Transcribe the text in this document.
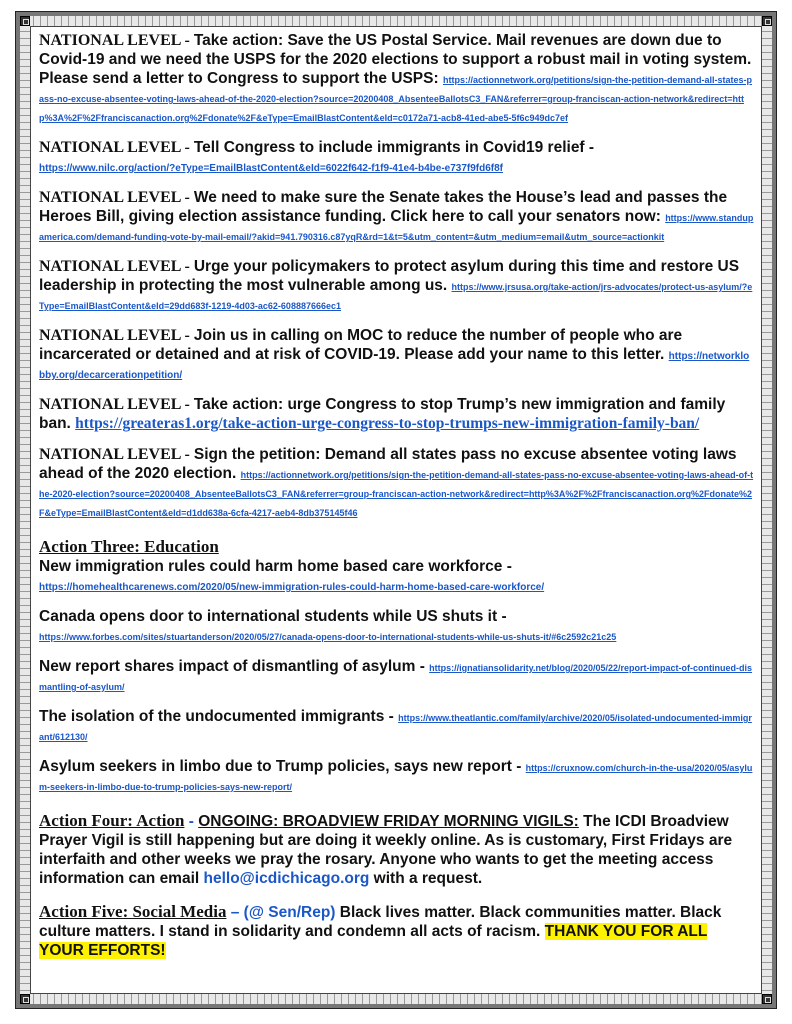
NATIONAL LEVEL - Take action: Save the US Postal Service. Mail revenues are down due to Covid-19 and we need the USPS for the 2020 elections to support a robust mail in voting system. Please send a letter to Congress to support the USPS: https://actionnetwork.org/petitions/sign-the-petition-demand-all-states-pass-no-excuse-absentee-voting-laws-ahead-of-the-2020-election?source=20200408_AbsenteeBallotsC3_FAN&referrer=group-franciscan-action-network&redirect=http%3A%2F%2Ffranciscanaction.org%2Fdonate%2F&eType=EmailBlastContent&eId=c0172a71-acb8-41ed-abe5-5f6c949dc7ef

NATIONAL LEVEL - Tell Congress to include immigrants in Covid19 relief -
https://www.nilc.org/action/?eType=EmailBlastContent&eId=6022f642-f1f9-41e4-b4be-e737f9fd6f8f

NATIONAL LEVEL - We need to make sure the Senate takes the House’s lead and passes the Heroes Bill, giving election assistance funding. Click here to call your senators now: https://www.standupamerica.com/demand-funding-vote-by-mail-email/?akid=941.790316.c87yqR&rd=1&t=5&utm_content=&utm_medium=email&utm_source=actionkit

NATIONAL LEVEL - Urge your policymakers to protect asylum during this time and restore US leadership in protecting the most vulnerable among us. https://www.jrsusa.org/take-action/jrs-advocates/protect-us-asylum/?eType=EmailBlastContent&eId=29dd683f-1219-4d03-ac62-608887666ec1

NATIONAL LEVEL - Join us in calling on MOC to reduce the number of people who are incarcerated or detained and at risk of COVID-19. Please add your name to this letter. https://networklobby.org/decarcerationpetition/

NATIONAL LEVEL - Take action: urge Congress to stop Trump’s new immigration and family ban. https://greateras1.org/take-action-urge-congress-to-stop-trumps-new-immigration-family-ban/

NATIONAL LEVEL - Sign the petition: Demand all states pass no excuse absentee voting laws ahead of the 2020 election. https://actionnetwork.org/petitions/sign-the-petition-demand-all-states-pass-no-excuse-absentee-voting-laws-ahead-of-the-2020-election?source=20200408_AbsenteeBallotsC3_FAN&referrer=group-franciscan-action-network&redirect=http%3A%2F%2Ffranciscanaction.org%2Fdonate%2F&eType=EmailBlastContent&eId=d1dd638a-6cfa-4217-aeb4-8db375145f46

Action Three: Education

New immigration rules could harm home based care workforce -
https://homehealthcarenews.com/2020/05/new-immigration-rules-could-harm-home-based-care-workforce/

Canada opens door to international students while US shuts it -
https://www.forbes.com/sites/stuartanderson/2020/05/27/canada-opens-door-to-international-students-while-us-shuts-it/#6c2592c21c25

New report shares impact of dismantling of asylum - https://ignatiansolidarity.net/blog/2020/05/22/report-impact-of-continued-dismantling-of-asylum/

The isolation of the undocumented immigrants - https://www.theatlantic.com/family/archive/2020/05/isolated-undocumented-immigrant/612130/

Asylum seekers in limbo due to Trump policies, says new report - https://cruxnow.com/church-in-the-usa/2020/05/asylum-seekers-in-limbo-due-to-trump-policies-says-new-report/

Action Four: Action - ONGOING: BROADVIEW FRIDAY MORNING VIGILS: The ICDI Broadview Prayer Vigil is still happening but are doing it weekly online. As is customary, First Fridays are interfaith and other weeks we pray the rosary. Anyone who wants to get the meeting access information can email hello@icdichicago.org with a request.

Action Five: Social Media – (@ Sen/Rep) Black lives matter. Black communities matter. Black culture matters. I stand in solidarity and condemn all acts of racism. THANK YOU FOR ALL YOUR EFFORTS!
